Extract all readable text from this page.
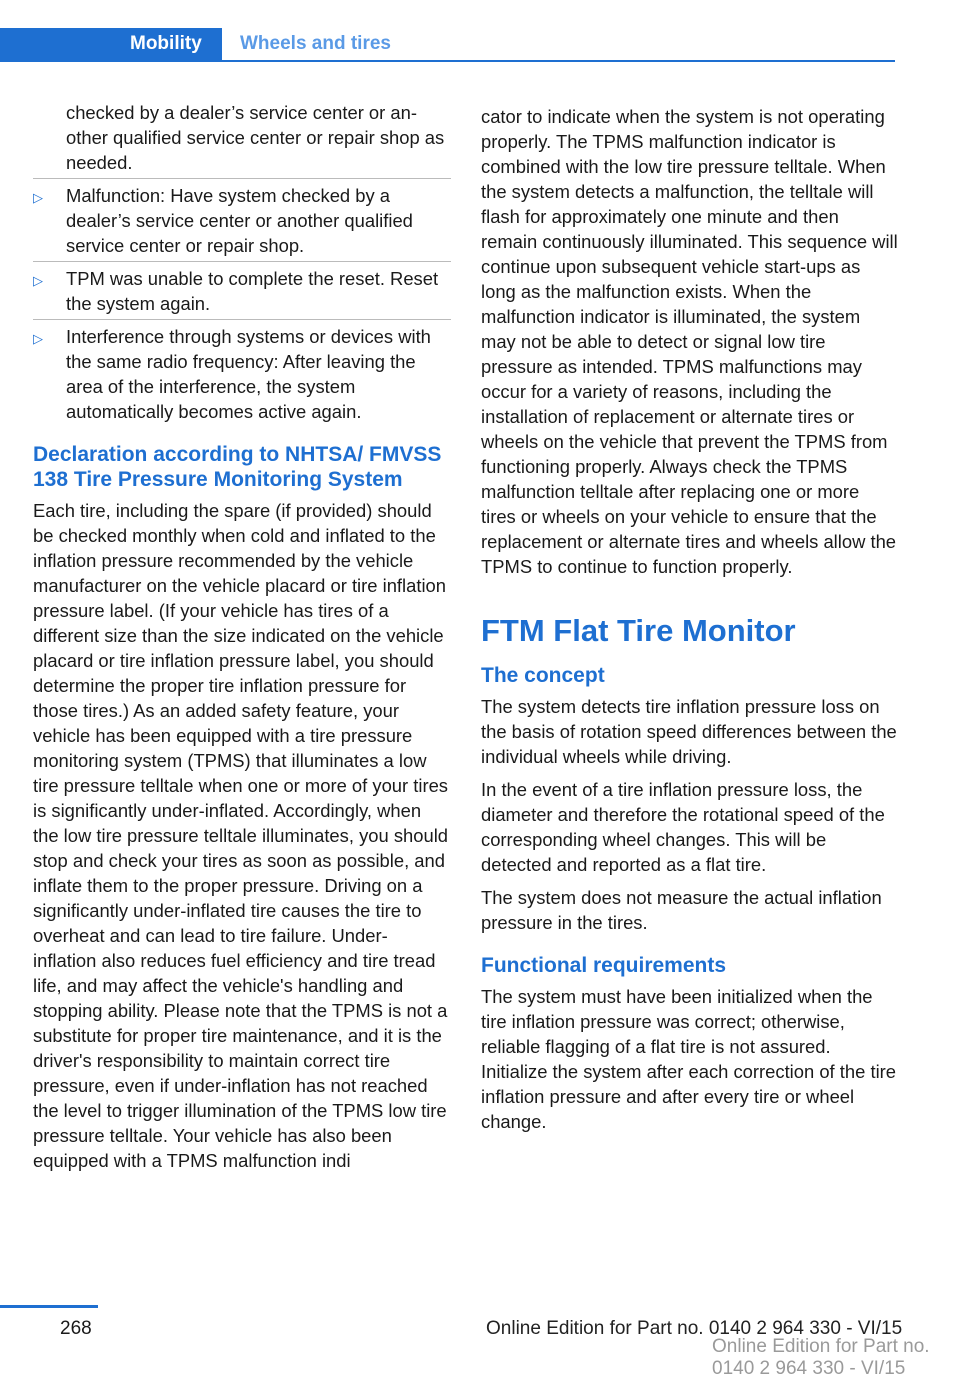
Mobility	Wheels and tires

checked by a dealer’s service center or another qualified service center or repair shop as needed.

▷ Malfunction: Have system checked by a dealer’s service center or another qualified service center or repair shop.
▷ TPM was unable to complete the reset. Reset the system again.
▷ Interference through systems or devices with the same radio frequency: After leaving the area of the interference, the system automatically becomes active again.
Declaration according to NHTSA/ FMVSS 138 Tire Pressure Monitoring System

Each tire, including the spare (if provided) should be checked monthly when cold and inflated to the inflation pressure recommended by the vehicle manufacturer on the vehicle placard or tire inflation pressure label. (If your vehicle has tires of a different size than the size indicated on the vehicle placard or tire inflation pressure label, you should determine the proper tire inflation pressure for those tires.) As an added safety feature, your vehicle has been equipped with a tire pressure monitoring system (TPMS) that illuminates a low tire pressure telltale when one or more of your tires is significantly under-inflated. Accordingly, when the low tire pressure telltale illuminates, you should stop and check your tires as soon as possible, and inflate them to the proper pressure. Driving on a significantly under-inflated tire causes the tire to overheat and can lead to tire failure. Under-inflation also reduces fuel efficiency and tire tread life, and may affect the vehicle's handling and stopping ability. Please note that the TPMS is not a substitute for proper tire maintenance, and it is the driver's responsibility to maintain correct tire pressure, even if under-inflation has not reached the level to trigger illumination of the TPMS low tire pressure telltale. Your vehicle has also been equipped with a TPMS malfunction indi

cator to indicate when the system is not operating properly. The TPMS malfunction indicator is combined with the low tire pressure telltale. When the system detects a malfunction, the telltale will flash for approximately one minute and then remain continuously illuminated. This sequence will continue upon subsequent vehicle start-ups as long as the malfunction exists. When the malfunction indicator is illuminated, the system may not be able to detect or signal low tire pressure as intended. TPMS malfunctions may occur for a variety of reasons, including the installation of replacement or alternate tires or wheels on the vehicle that prevent the TPMS from functioning properly. Always check the TPMS malfunction telltale after replacing one or more tires or wheels on your vehicle to ensure that the replacement or alternate tires and wheels allow the TPMS to continue to function properly.

FTM Flat Tire Monitor
The concept

The system detects tire inflation pressure loss on the basis of rotation speed differences between the individual wheels while driving.

In the event of a tire inflation pressure loss, the diameter and therefore the rotational speed of the corresponding wheel changes. This will be detected and reported as a flat tire.

The system does not measure the actual inflation pressure in the tires.

Functional requirements

The system must have been initialized when the tire inflation pressure was correct; otherwise, reliable flagging of a flat tire is not assured. Initialize the system after each correction of the tire inflation pressure and after every tire or wheel change.

268	Online Edition for Part no. 0140 2 964 330 - VI/15
Online Edition for Part no. 0140 2 964 330 - VI/15
